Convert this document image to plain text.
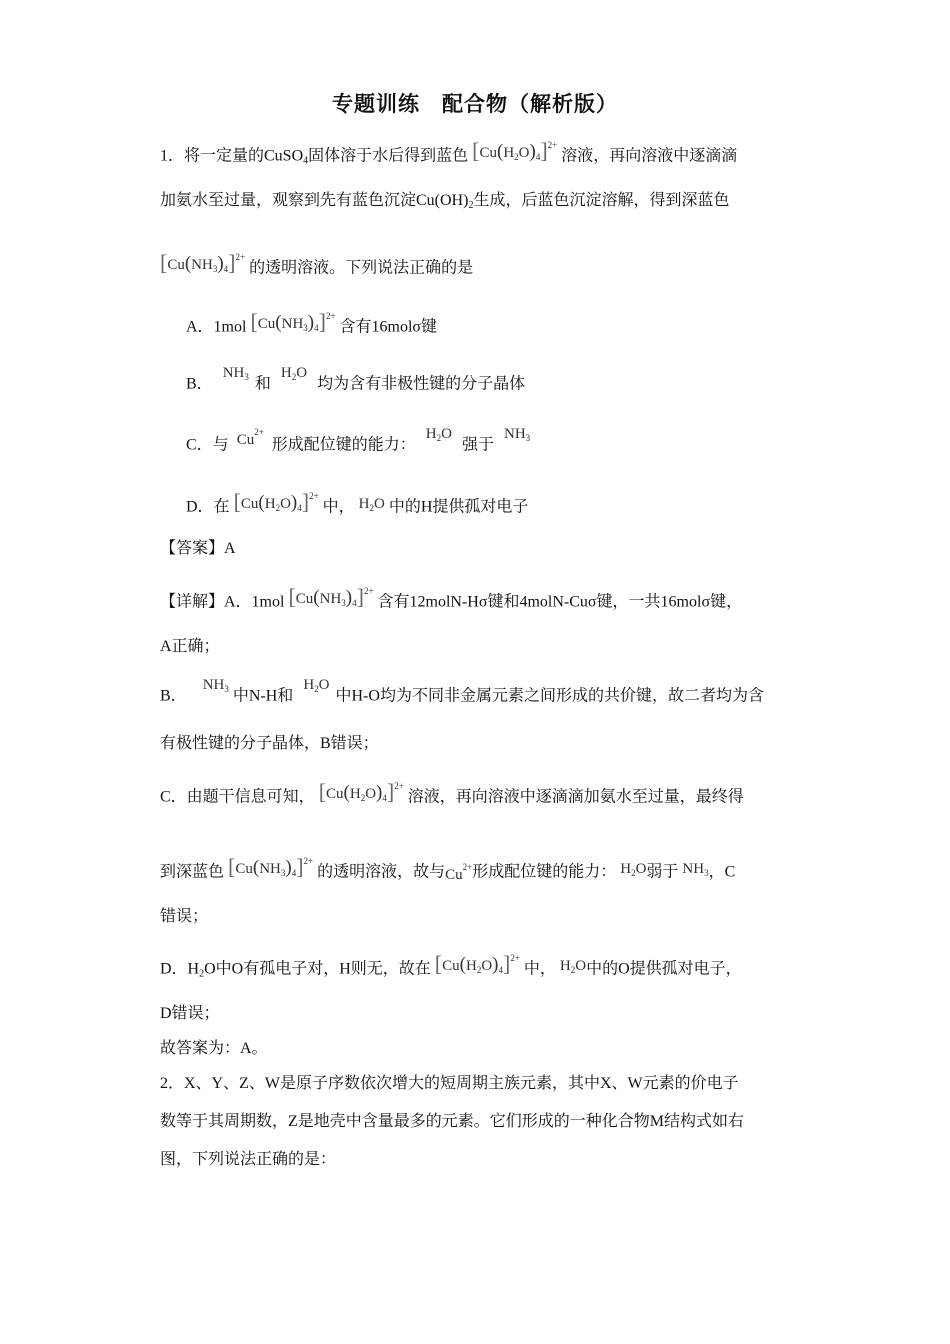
专题训练　配合物（解析版）
1．将一定量的CuSO$_4$固体溶于水后得到蓝色 $[Cu(H_2O)_4]^{2+}$ 溶液，再向溶液中逐滴滴
加氨水至过量，观察到先有蓝色沉淀$Cu(OH)_2$生成，后蓝色沉淀溶解，得到深蓝色
$[Cu(NH_3)_4]^{2+}$的透明溶液。下列说法正确的是
A．1mol $[Cu(NH_3)_4]^{2+}$ 含有16molσ键
B． $NH_3$ 和 $H_2O$ 均为含有非极性键的分子晶体
C．与 $Cu^{2+}$ 形成配位键的能力： $H_2O$ 强于 $NH_3$
D．在 $[Cu(H_2O)_4]^{2+}$ 中， $H_2O$ 中的H提供孤对电子
【答案】A
【详解】A．1mol $[Cu(NH_3)_4]^{2+}$ 含有12molN-Hσ键和4molN-Cuσ键，一共16molσ键，
A正确；
B． $NH_3$ 中N-H和 $H_2O$中H-O均为不同非金属元素之间形成的共价键，故二者均为含
有极性键的分子晶体，B错误；
C．由题干信息可知， $[Cu(H_2O)_4]^{2+}$ 溶液，再向溶液中逐滴滴加氨水至过量，最终得
到深蓝色 $[Cu(NH_3)_4]^{2+}$ 的透明溶液，故与$Cu^{2+}$形成配位键的能力： $H_2O$弱于 $NH_3$，C
错误；
D．$H_2O$中O有孤电子对，H则无，故在 $[Cu(H_2O)_4]^{2+}$ 中， $H_2O$中的O提供孤对电子，
D错误；
故答案为：A。
2．X、Y、Z、W是原子序数依次增大的短周期主族元素，其中X、W元素的价电子
数等于其周期数，Z是地壳中含量最多的元素。它们形成的一种化合物M结构式如右
图，下列说法正确的是：
